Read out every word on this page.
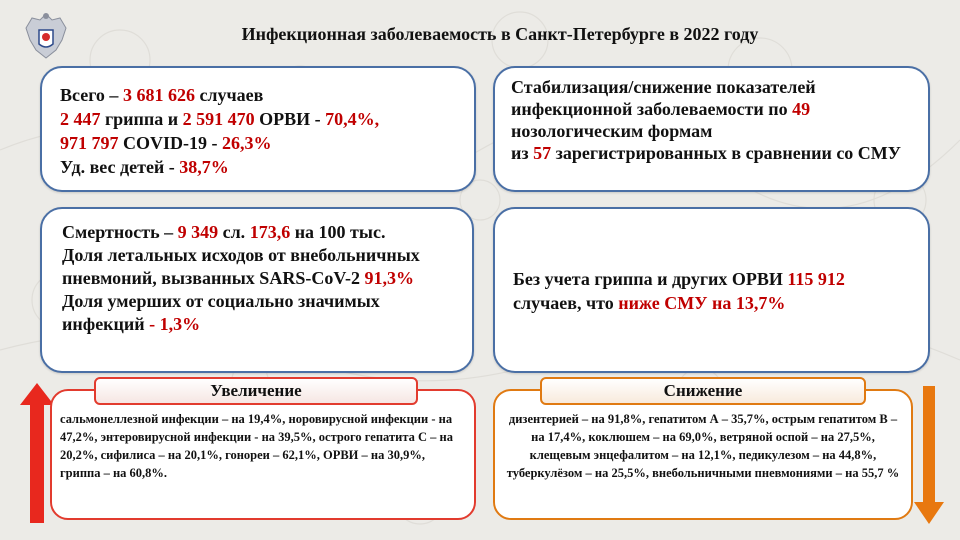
Инфекционная заболеваемость в Санкт-Петербурге в 2022 году

Всего – 3 681 626 случаев

2 447 гриппа и 2 591 470 ОРВИ - 70,4%,

971 797 COVID-19 - 26,3%

Уд. вес детей - 38,7%

Стабилизация/снижение показателей инфекционной заболеваемости по 49 нозологическим формам
из 57 зарегистрированных в сравнении со СМУ

Смертность – 9 349 сл. 173,6 на 100 тыс.

Доля летальных исходов от внебольничных пневмоний, вызванных SARS-CoV-2 91,3%

Доля умерших от социально значимых инфекций - 1,3%

Без учета гриппа и других ОРВИ 115 912 случаев, что ниже СМУ на 13,7%

сальмонеллезной инфекции – на 19,4%, норовирусной инфекции - на 47,2%, энтеровирусной инфекции - на 39,5%, острого гепатита С – на 20,2%, сифилиса – на 20,1%, гонореи – 62,1%, ОРВИ – на 30,9%, гриппа – на 60,8%.
Увеличение
дизентерией – на 91,8%, гепатитом А – 35,7%, острым гепатитом В – на 17,4%, коклюшем – на 69,0%, ветряной оспой – на 27,5%, клещевым энцефалитом – на 12,1%, педикулезом – на 44,8%, туберкулёзом – на 25,5%, внебольничными пневмониями – на 55,7 %
Снижение
